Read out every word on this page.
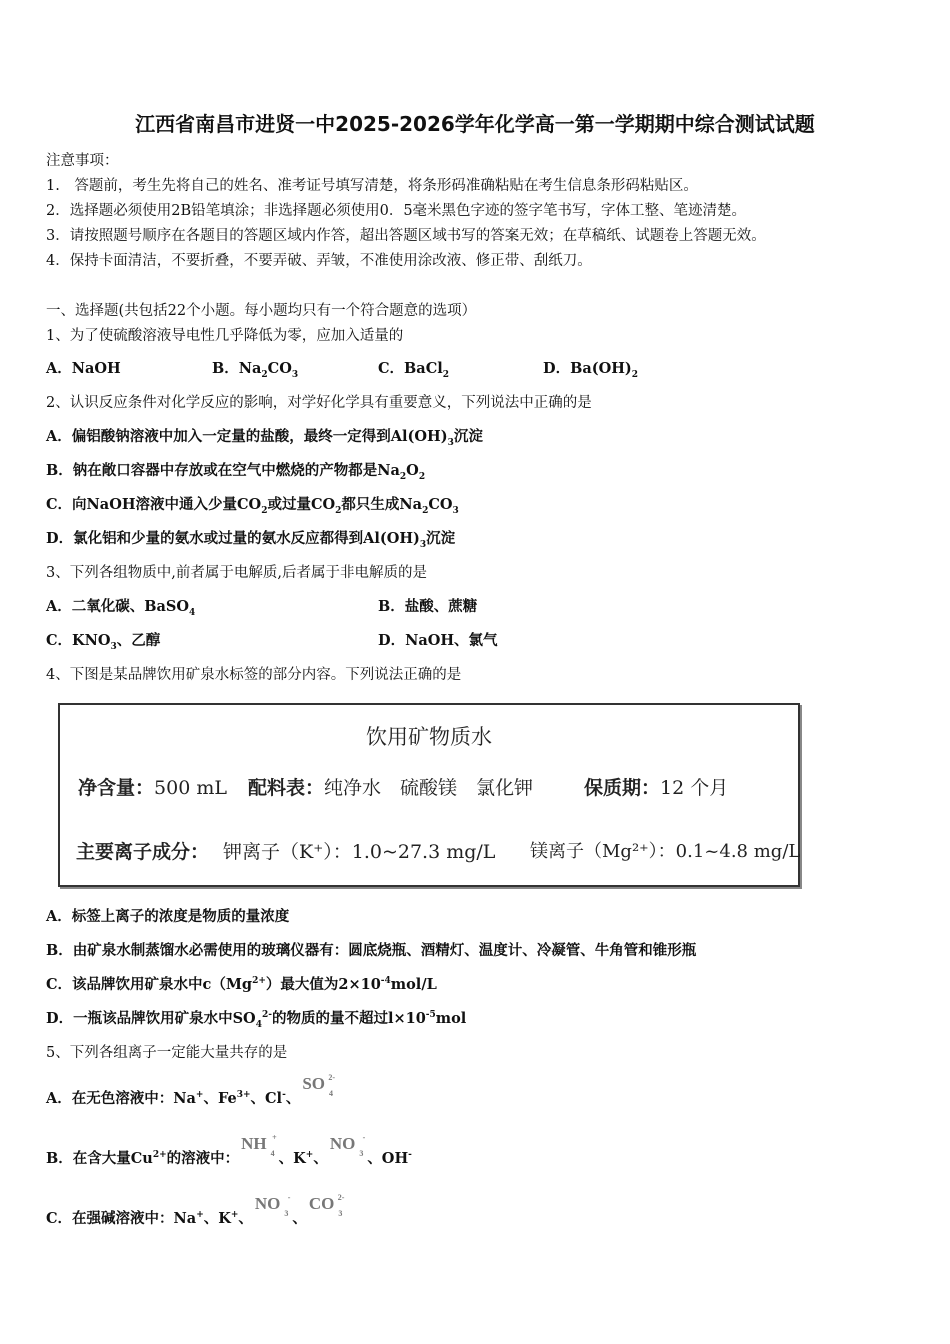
江西省南昌市进贤一中2025-2026学年化学高一第一学期期中综合测试试题
注意事项：
1.　答题前，考生先将自己的姓名、准考证号填写清楚，将条形码准确粘贴在考生信息条形码粘贴区。
2．选择题必须使用2B铅笔填涂；非选择题必须使用0．5毫米黑色字迹的签字笔书写，字体工整、笔迹清楚。
3．请按照题号顺序在各题目的答题区域内作答，超出答题区域书写的答案无效；在草稿纸、试题卷上答题无效。
4．保持卡面清洁，不要折叠，不要弄破、弄皱，不准使用涂改液、修正带、刮纸刀。
一、选择题(共包括22个小题。每小题均只有一个符合题意的选项）
1、为了使硫酸溶液导电性几乎降低为零，应加入适量的
A．NaOH	B．$Na_2CO_3$	C．BaCl$_2$	D．$Ba(OH)_2$
2、认识反应条件对化学反应的影响，对学好化学具有重要意义，下列说法中正确的是
A．偏铝酸钠溶液中加入一定量的盐酸，最终一定得到$Al(OH)_3$沉淀
B．钠在敞口容器中存放或在空气中燃烧的产物都是$Na_2O_2$
C．向NaOH溶液中通入少量$CO_2$或过量$CO_2$都只生成$Na_2CO_3$
D．氯化铝和少量的氨水或过量的氨水反应都得到$Al(OH)_3$沉淀
3、下列各组物质中,前者属于电解质,后者属于非电解质的是
A．二氧化碳、BaSO$_4$	B．盐酸、蔗糖
C．$KNO_3$、乙醇	D．NaOH、氯气
4、下图是某品牌饮用矿泉水标签的部分内容。下列说法正确的是
A．标签上离子的浓度是物质的量浓度
B．由矿泉水制蒸馏水必需使用的玻璃仪器有：圆底烧瓶、酒精灯、温度计、冷凝管、牛角管和锥形瓶
C．该品牌饮用矿泉水中$c(Mg^{2+})$最大值为$2\times 10^{-4}mol/L$
D．一瓶该品牌饮用矿泉水中$SO_4^{2-}$的物质的量不超过$l\times 10^{-5}mol$
5、下列各组离子一定能大量共存的是
A．在无色溶液中：Na+、$Fe^{3+}$、Cl-、SO 2-
4
B．在含大量$Cu^{2+}$的溶液中：NH +
4 、K+、NO -
3 、OH-
C．在强碱溶液中：Na+、K+、NO -
3 、CO 2-
3
饮用矿物质水
净含量：500 mL 配料表：纯净水　硫酸镁　氯化钾	保质期：12 个月
主要离子成分： 钾离子（K⁺）：1.0~27.3 mg/L 镁离子（Mg²⁺）：0.1~4.8 mg/L
